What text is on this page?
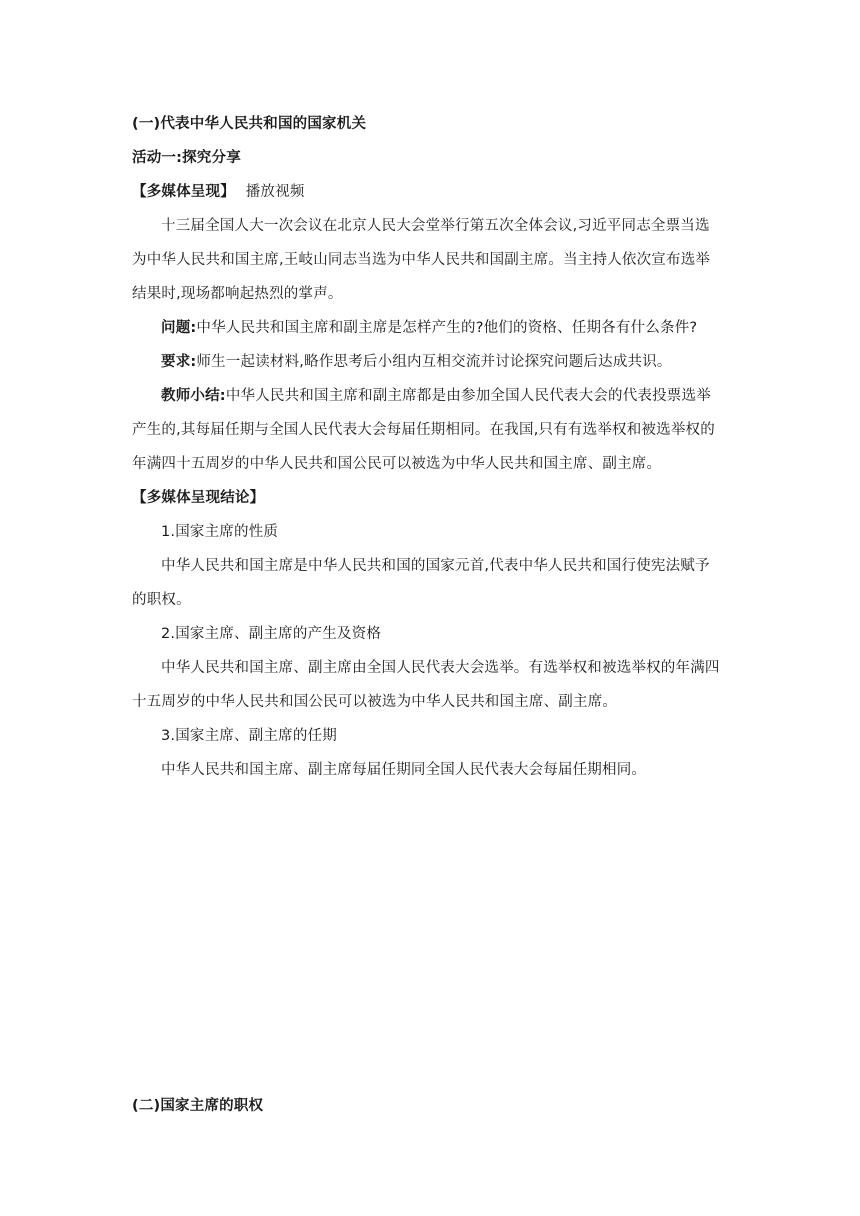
(一)代表中华人民共和国的国家机关
活动一:探究分享
【多媒体呈现】 播放视频
十三届全国人大一次会议在北京人民大会堂举行第五次全体会议,习近平同志全票当选
为中华人民共和国主席,王岐山同志当选为中华人民共和国副主席。当主持人依次宣布选举
结果时,现场都响起热烈的掌声。
问题:中华人民共和国主席和副主席是怎样产生的?他们的资格、任期各有什么条件?
要求:师生一起读材料,略作思考后小组内互相交流并讨论探究问题后达成共识。
教师小结:中华人民共和国主席和副主席都是由参加全国人民代表大会的代表投票选举
产生的,其每届任期与全国人民代表大会每届任期相同。在我国,只有有选举权和被选举权的
年满四十五周岁的中华人民共和国公民可以被选为中华人民共和国主席、副主席。
【多媒体呈现结论】
1.国家主席的性质
中华人民共和国主席是中华人民共和国的国家元首,代表中华人民共和国行使宪法赋予
的职权。
2.国家主席、副主席的产生及资格
中华人民共和国主席、副主席由全国人民代表大会选举。有选举权和被选举权的年满四
十五周岁的中华人民共和国公民可以被选为中华人民共和国主席、副主席。
3.国家主席、副主席的任期
中华人民共和国主席、副主席每届任期同全国人民代表大会每届任期相同。
(二)国家主席的职权
